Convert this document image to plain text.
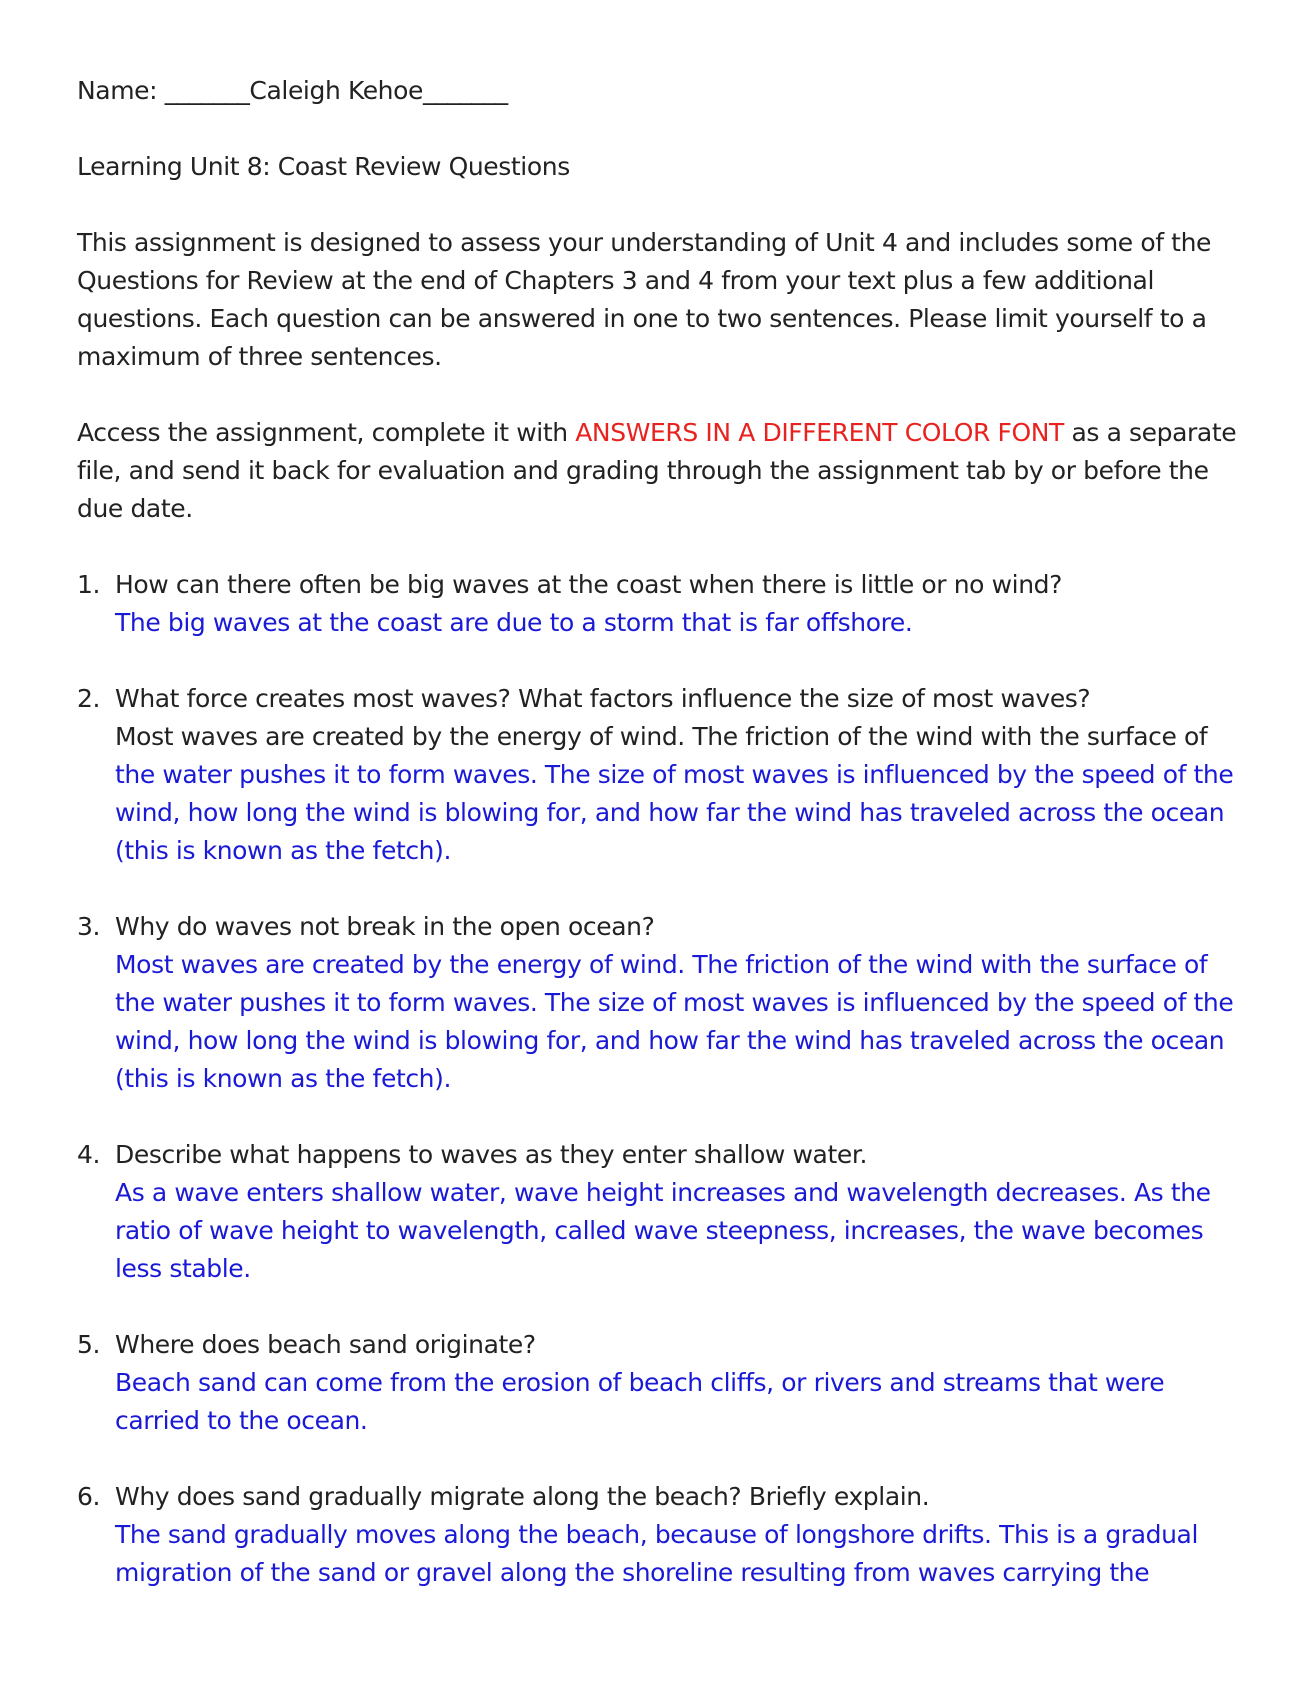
Name: _______Caleigh Kehoe_______

Learning Unit 8: Coast Review Questions

This assignment is designed to assess your understanding of Unit 4 and includes some of the

Questions for Review at the end of Chapters 3 and 4 from your text plus a few additional

questions. Each question can be answered in one to two sentences. Please limit yourself to a

maximum of three sentences.

Access the assignment, complete it with ANSWERS IN A DIFFERENT COLOR FONT as a separate

file, and send it back for evaluation and grading through the assignment tab by or before the

due date.

1. How can there often be big waves at the coast when there is little or no wind?

The big waves at the coast are due to a storm that is far offshore.

2. What force creates most waves? What factors influence the size of most waves?

Most waves are created by the energy of wind. The friction of the wind with the surface of

the water pushes it to form waves. The size of most waves is influenced by the speed of the

wind, how long the wind is blowing for, and how far the wind has traveled across the ocean

(this is known as the fetch).

3. Why do waves not break in the open ocean?

Most waves are created by the energy of wind. The friction of the wind with the surface of

the water pushes it to form waves. The size of most waves is influenced by the speed of the

wind, how long the wind is blowing for, and how far the wind has traveled across the ocean

(this is known as the fetch).

4. Describe what happens to waves as they enter shallow water.

As a wave enters shallow water, wave height increases and wavelength decreases. As the

ratio of wave height to wavelength, called wave steepness, increases, the wave becomes

less stable.

5. Where does beach sand originate?

Beach sand can come from the erosion of beach cliffs, or rivers and streams that were

carried to the ocean.

6. Why does sand gradually migrate along the beach? Briefly explain.

The sand gradually moves along the beach, because of longshore drifts. This is a gradual

migration of the sand or gravel along the shoreline resulting from waves carrying the
